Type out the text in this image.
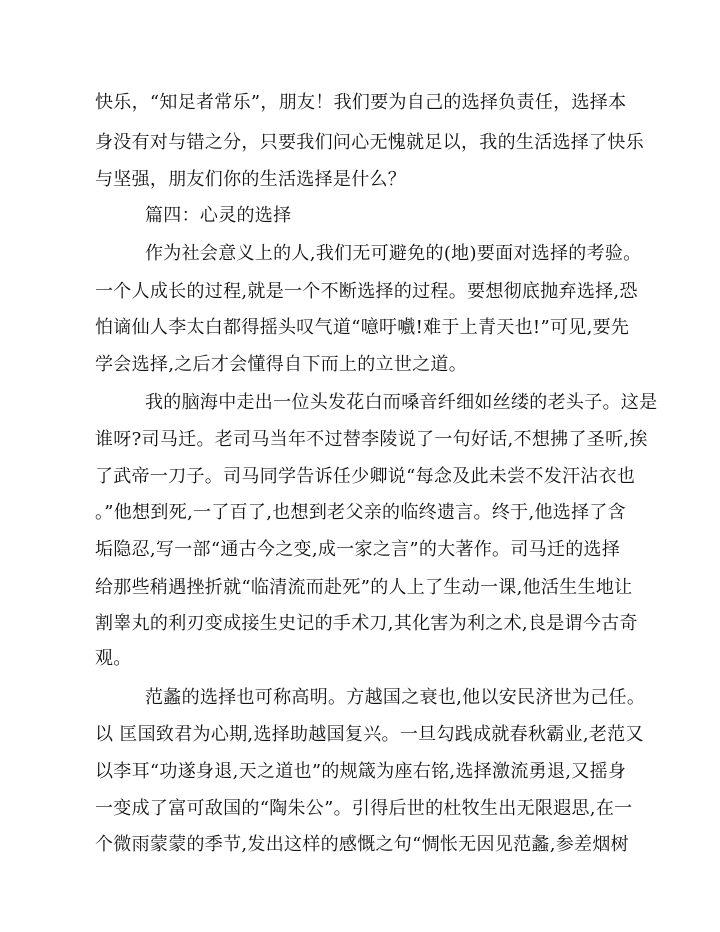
快乐，“知足者常乐”，朋友！我们要为自己的选择负责任，选择本
身没有对与错之分，只要我们问心无愧就足以，我的生活选择了快乐
与坚强，朋友们你的生活选择是什么？
篇四：心灵的选择
作为社会意义上的人,我们无可避免的(地)要面对选择的考验。
一个人成长的过程,就是一个不断选择的过程。要想彻底抛弃选择,恐
怕谪仙人李太白都得摇头叹气道“噫吁嚱!难于上青天也!”可见,要先
学会选择,之后才会懂得自下而上的立世之道。
我的脑海中走出一位头发花白而嗓音纤细如丝缕的老头子。这是
谁呀?司马迁。老司马当年不过替李陵说了一句好话,不想拂了圣听,挨
了武帝一刀子。司马同学告诉任少卿说“每念及此未尝不发汗沾衣也
。”他想到死,一了百了,也想到老父亲的临终遗言。终于,他选择了含
垢隐忍,写一部“通古今之变,成一家之言”的大著作。司马迁的选择
给那些稍遇挫折就“临清流而赴死”的人上了生动一课,他活生生地让
割睾丸的利刃变成接生史记的手术刀,其化害为利之术,良是谓今古奇
观。
范蠡的选择也可称高明。方越国之衰也,他以安民济世为己任。
以 匡国致君为心期,选择助越国复兴。一旦勾践成就春秋霸业,老范又
以李耳“功遂身退,天之道也”的规箴为座右铭,选择激流勇退,又摇身
一变成了富可敌国的“陶朱公”。引得后世的杜牧生出无限遐思,在一
个微雨蒙蒙的季节,发出这样的感慨之句“惆怅无因见范蠡,参差烟树
